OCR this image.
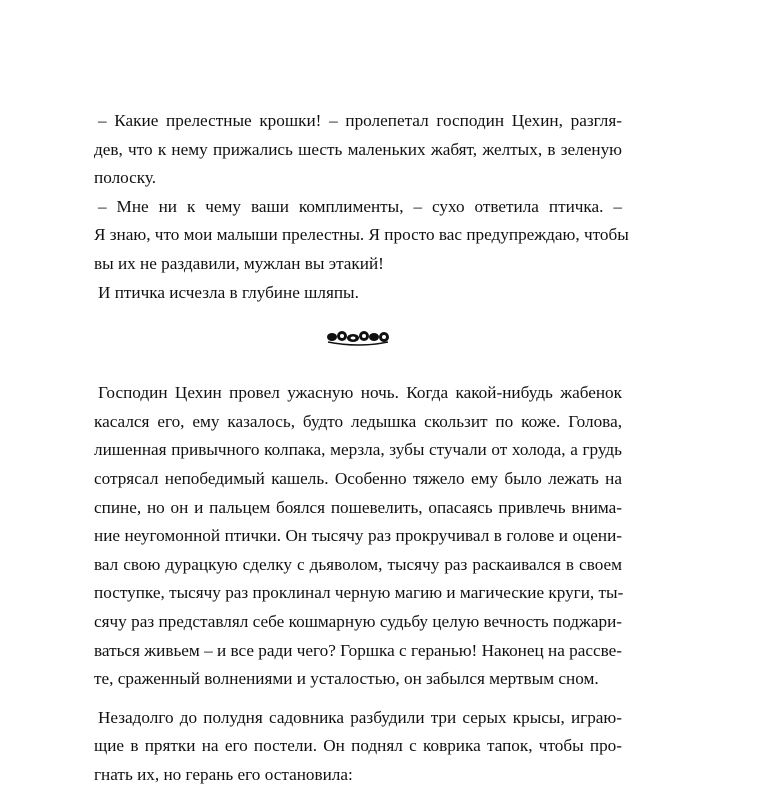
– Какие прелестные крошки! – пролепетал господин Цехин, разгля-
дев, что к нему прижались шесть маленьких жабят, желтых, в зеленую
полоску.
– Мне ни к чему ваши комплименты, – сухо ответила птичка. –
Я знаю, что мои малыши прелестны. Я просто вас предупреждаю, чтобы
вы их не раздавили, мужлан вы этакий!
И птичка исчезла в глубине шляпы.
Господин Цехин провел ужасную ночь. Когда какой-нибудь жабенок
касался его, ему казалось, будто ледышка скользит по коже. Голова,
лишенная привычного колпака, мерзла, зубы стучали от холода, а грудь
сотрясал непобедимый кашель. Особенно тяжело ему было лежать на
спине, но он и пальцем боялся пошевелить, опасаясь привлечь внима-
ние неугомонной птички. Он тысячу раз прокручивал в голове и оцени-
вал свою дурацкую сделку с дьяволом, тысячу раз раскаивался в своем
поступке, тысячу раз проклинал черную магию и магические круги, ты-
сячу раз представлял себе кошмарную судьбу целую вечность поджари-
ваться живьем – и все ради чего? Горшка с геранью! Наконец на рассве-
те, сраженный волнениями и усталостью, он забылся мертвым сном.
Незадолго до полудня садовника разбудили три серых крысы, играю-
щие в прятки на его постели. Он поднял с коврика тапок, чтобы про-
гнать их, но герань его остановила:
